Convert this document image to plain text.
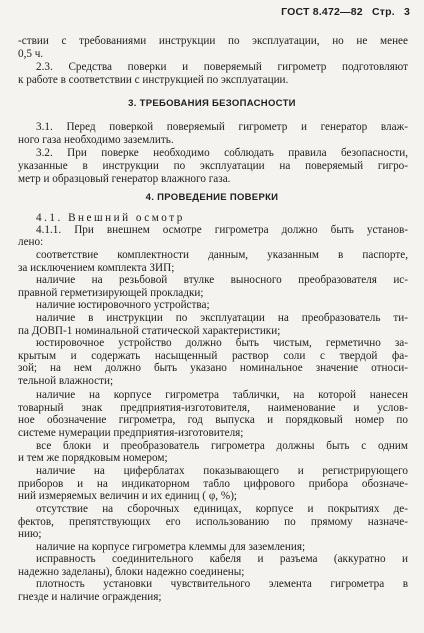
ГОСТ 8.472—82 Стр. 3
-ствии с требованиями инструкции по эксплуатации, но не менее
0,5 ч.
2.3. Средства поверки и поверяемый гигрометр подготовляют
к работе в соответствии с инструкцией по эксплуатации.
3. ТРЕБОВАНИЯ БЕЗОПАСНОСТИ
3.1. Перед поверкой поверяемый гигрометр и генератор влаж-
ного газа необходимо заземлить.
3.2. При поверке необходимо соблюдать правила безопасности,
указанные в инструкции по эксплуатации на поверяемый гигро-
метр и образцовый генератор влажного газа.
4. ПРОВЕДЕНИЕ ПОВЕРКИ
4.1. Внешний осмотр
4.1.1. При внешнем осмотре гигрометра должно быть установ-
лено:
соответствие комплектности данным, указанным в паспорте,
за исключением комплекта ЗИП;
наличие на резьбовой втулке выносного преобразователя ис-
правной герметизирующей прокладки;
наличие юстировочного устройства;
наличие в инструкции по эксплуатации на преобразователь ти-
па ДОВП-1 номинальной статической характеристики;
юстировочное устройство должно быть чистым, герметично за-
крытым и содержать насыщенный раствор соли с твердой фа-
зой; на нем должно быть указано номинальное значение относи-
тельной влажности;
наличие на корпусе гигрометра таблички, на которой нанесен
товарный знак предприятия-изготовителя, наименование и услов-
ное обозначение гигрометра, год выпуска и порядковый номер по
системе нумерации предприятия-изготовителя;
все блоки и преобразователь гигрометра должны быть с одним
и тем же порядковым номером;
наличие на циферблатах показывающего и регистрирующего
приборов и на индикаторном табло цифрового прибора обозначе-
ний измеряемых величин и их единиц ( φ, %);
отсутствие на сборочных единицах, корпусе и покрытиях де-
фектов, препятствующих его использованию по прямому назначе-
нию;
наличие на корпусе гигрометра клеммы для заземления;
исправность соединительного кабеля и разъема (аккуратно и
надежно заделаны), блоки надежно соединены;
плотность установки чувствительного элемента гигрометра в
гнезде и наличие ограждения;
